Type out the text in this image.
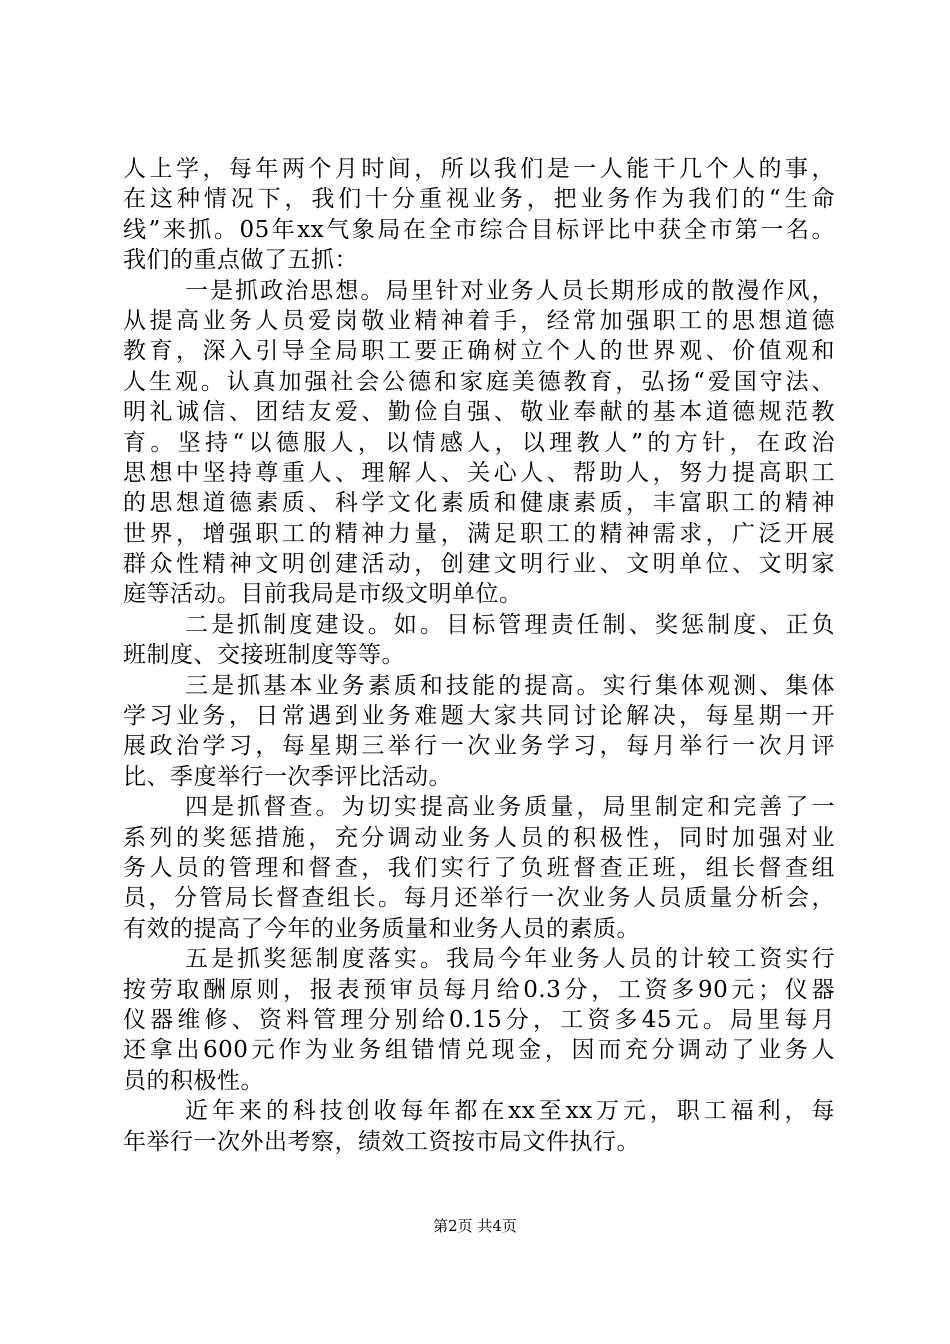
人上学，每年两个月时间，所以我们是一人能干几个人的事，
在这种情况下，我们十分重视业务，把业务作为我们的“生命
线”来抓。05年xx气象局在全市综合目标评比中获全市第一名。
我们的重点做了五抓：
一是抓政治思想。局里针对业务人员长期形成的散漫作风，
从提高业务人员爱岗敬业精神着手，经常加强职工的思想道德
教育，深入引导全局职工要正确树立个人的世界观、价值观和
人生观。认真加强社会公德和家庭美德教育，弘扬“爱国守法、
明礼诚信、团结友爱、勤俭自强、敬业奉献的基本道德规范教
育。坚持“以德服人，以情感人，以理教人”的方针，在政治
思想中坚持尊重人、理解人、关心人、帮助人，努力提高职工
的思想道德素质、科学文化素质和健康素质，丰富职工的精神
世界，增强职工的精神力量，满足职工的精神需求，广泛开展
群众性精神文明创建活动，创建文明行业、文明单位、文明家
庭等活动。目前我局是市级文明单位。
二是抓制度建设。如。目标管理责任制、奖惩制度、正负
班制度、交接班制度等等。
三是抓基本业务素质和技能的提高。实行集体观测、集体
学习业务，日常遇到业务难题大家共同讨论解决，每星期一开
展政治学习，每星期三举行一次业务学习，每月举行一次月评
比、季度举行一次季评比活动。
四是抓督查。为切实提高业务质量，局里制定和完善了一
系列的奖惩措施，充分调动业务人员的积极性，同时加强对业
务人员的管理和督查，我们实行了负班督查正班，组长督查组
员，分管局长督查组长。每月还举行一次业务人员质量分析会，
有效的提高了今年的业务质量和业务人员的素质。
五是抓奖惩制度落实。我局今年业务人员的计较工资实行
按劳取酬原则，报表预审员每月给0.3分，工资多90元；仪器
仪器维修、资料管理分别给0.15分，工资多45元。局里每月
还拿出600元作为业务组错情兑现金，因而充分调动了业务人
员的积极性。
近年来的科技创收每年都在xx至xx万元，职工福利，每
年举行一次外出考察，绩效工资按市局文件执行。
第2页 共4页
